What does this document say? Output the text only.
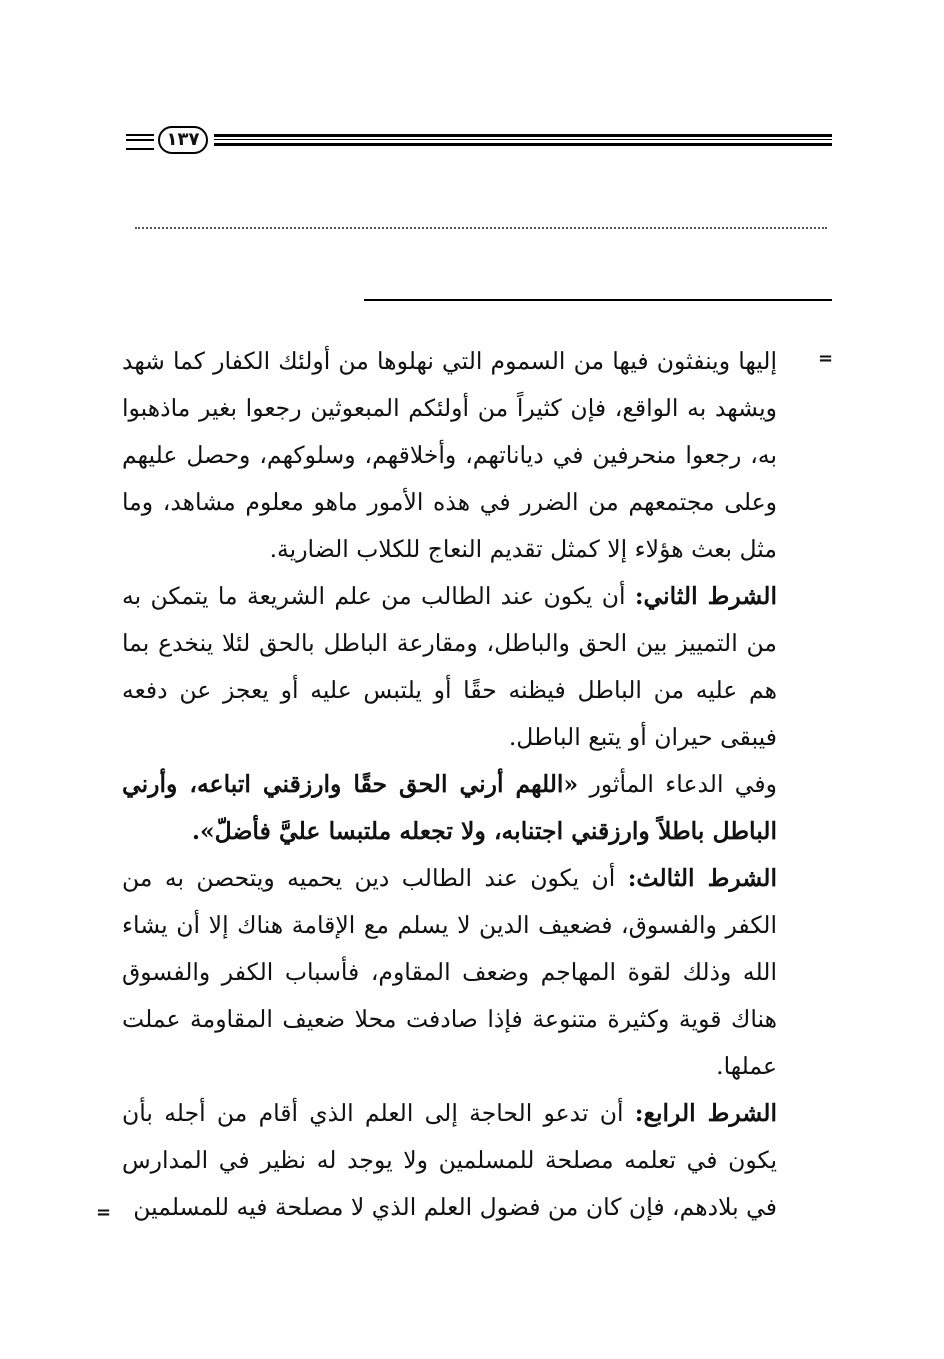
١٣٧
=

إليها وينفثون فيها من السموم التي نهلوها من أولئك الكفار كما شهد ويشهد به الواقع، فإن كثيراً من أولئكم المبعوثين رجعوا بغير ماذهبوا به، رجعوا منحرفين في دياناتهم، وأخلاقهم، وسلوكهم، وحصل عليهم وعلى مجتمعهم من الضرر في هذه الأمور ماهو معلوم مشاهد، وما مثل بعث هؤلاء إلا كمثل تقديم النعاج للكلاب الضارية.

الشرط الثاني: أن يكون عند الطالب من علم الشريعة ما يتمكن به من التمييز بين الحق والباطل، ومقارعة الباطل بالحق لئلا ينخدع بما هم عليه من الباطل فيظنه حقًا أو يلتبس عليه أو يعجز عن دفعه فيبقى حيران أو يتبع الباطل.

وفي الدعاء المأثور «اللهم أرني الحق حقًا وارزقني اتباعه، وأرني الباطل باطلاً وارزقني اجتنابه، ولا تجعله ملتبسا عليَّ فأضلّ».

الشرط الثالث: أن يكون عند الطالب دين يحميه ويتحصن به من الكفر والفسوق، فضعيف الدين لا يسلم مع الإقامة هناك إلا أن يشاء الله وذلك لقوة المهاجم وضعف المقاوم، فأسباب الكفر والفسوق هناك قوية وكثيرة متنوعة فإذا صادفت محلا ضعيف المقاومة عملت عملها.

الشرط الرابع: أن تدعو الحاجة إلى العلم الذي أقام من أجله بأن يكون في تعلمه مصلحة للمسلمين ولا يوجد له نظير في المدارس في بلادهم، فإن كان من فضول العلم الذي لا مصلحة فيه للمسلمين

=
